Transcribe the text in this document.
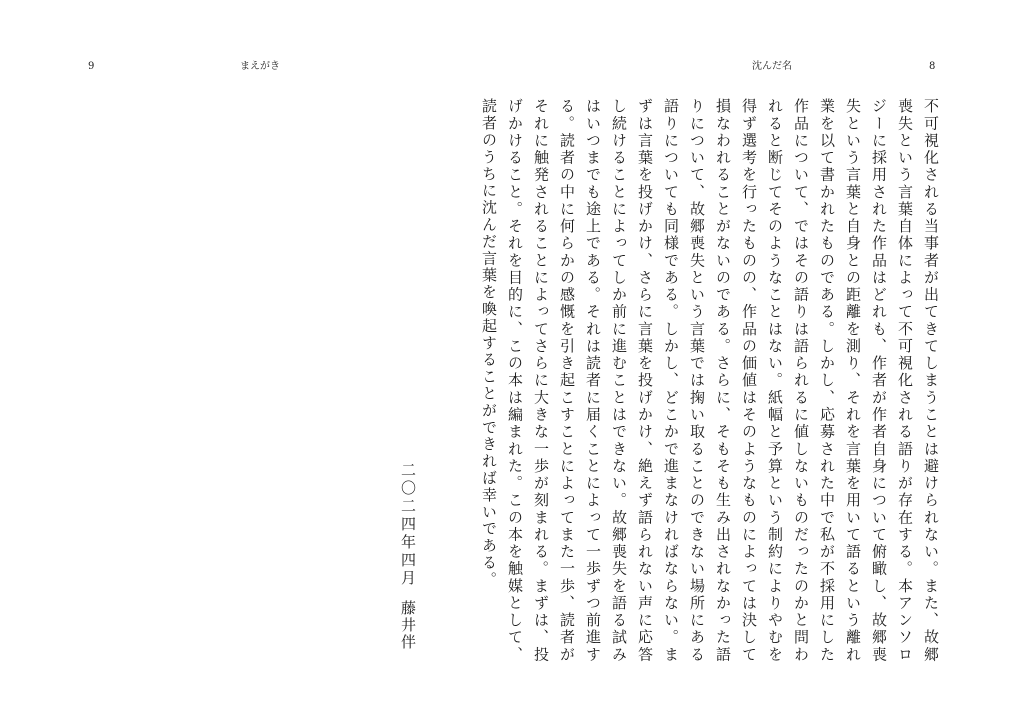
9	まえがき	沈んだ名	8

不可視化される当事者が出てきてしまうことは避けられない。また、故郷喪失という言葉自体によって不可視化される語りが存在する。本アンソロジーに採用された作品はどれも、作者が作者自身について俯瞰し、故郷喪失という言葉と自身との距離を測り、それを言葉を用いて語るという離れ業を以て書かれたものである。しかし、応募された中で私が不採用にした作品について、ではその語りは語られるに値しないものだったのかと問われると断じてそのようなことはない。紙幅と予算という制約によりやむを得ず選考を行ったものの、作品の価値はそのようなものによっては決して損なわれることがないのである。さらに、そもそも生み出されなかった語りについて、故郷喪失という言葉では掬い取ることのできない場所にある語りについても同様である。しかし、どこかで進まなければならない。まずは言葉を投げかけ、さらに言葉を投げかけ、絶えず語られない声に応答し続けることによってしか前に進むことはできない。故郷喪失を語る試みはいつまでも途上である。それは読者に届くことによって一歩ずつ前進する。読者の中に何らかの感慨を引き起こすことによってまた一歩、読者がそれに触発されることによってさらに大きな一歩が刻まれる。まずは、投げかけること。それを目的に、この本は編まれた。この本を触媒として、読者のうちに沈んだ言葉を喚起することができれば幸いである。

二〇二四年四月
藤井伴
